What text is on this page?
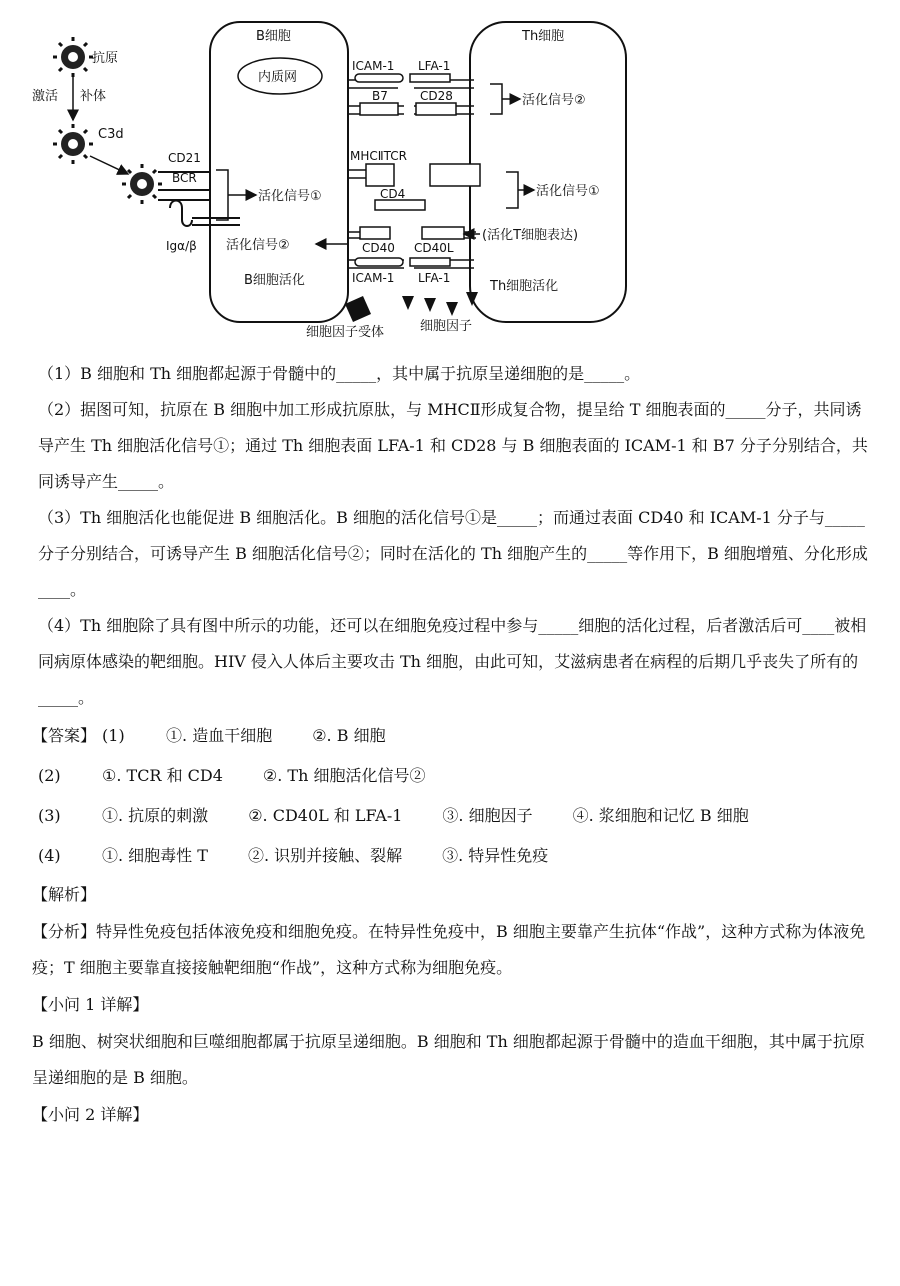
抗原
激活 补体
C3d
CD21
BCR
Igα/β
活化信号①
B细胞
内质网
B细胞活化
Th细胞
ICAM-1 LFA-1
B7	CD28
MHCⅡTCR
CD4
CD40 CD40L
ICAM-1 LFA-1
活化信号②
活化信号①
(活化T细胞表达)
活化信号②
Th细胞活化
细胞因子受体	细胞因子

（1）B 细胞和 Th 细胞都起源于骨髓中的_____，其中属于抗原呈递细胞的是_____。

（2）据图可知，抗原在 B 细胞中加工形成抗原肽，与 MHCⅡ形成复合物，提呈给 T 细胞表面的_____分子，共同诱导产生 Th 细胞活化信号①；通过 Th 细胞表面 LFA-1 和 CD28 与 B 细胞表面的 ICAM-1 和 B7 分子分别结合，共同诱导产生_____。

（3）Th 细胞活化也能促进 B 细胞活化。B 细胞的活化信号①是_____；而通过表面 CD40 和 ICAM-1 分子与_____分子分别结合，可诱导产生 B 细胞活化信号②；同时在活化的 Th 细胞产生的_____等作用下，B 细胞增殖、分化形成____。

（4）Th 细胞除了具有图中所示的功能，还可以在细胞免疫过程中参与_____细胞的活化过程，后者激活后可____被相同病原体感染的靶细胞。HIV 侵入人体后主要攻击 Th 细胞，由此可知，艾滋病患者在病程的后期几乎丧失了所有的_____。

【答案】 (1)	①. 造血干细胞	②. B 细胞
(2)	①. TCR 和 CD4	②. Th 细胞活化信号②
(3)	①. 抗原的刺激	②. CD40L 和 LFA-1	③. 细胞因子	④. 浆细胞和记忆 B 细胞
(4)	①. 细胞毒性 T	②. 识别并接触、裂解	③. 特异性免疫
【解析】

【分析】特异性免疫包括体液免疫和细胞免疫。在特异性免疫中，B 细胞主要靠产生抗体“作战”，这种方式称为体液免疫；T 细胞主要靠直接接触靶细胞“作战”，这种方式称为细胞免疫。

【小问 1 详解】

B 细胞、树突状细胞和巨噬细胞都属于抗原呈递细胞。B 细胞和 Th 细胞都起源于骨髓中的造血干细胞，其中属于抗原呈递细胞的是 B 细胞。

【小问 2 详解】
